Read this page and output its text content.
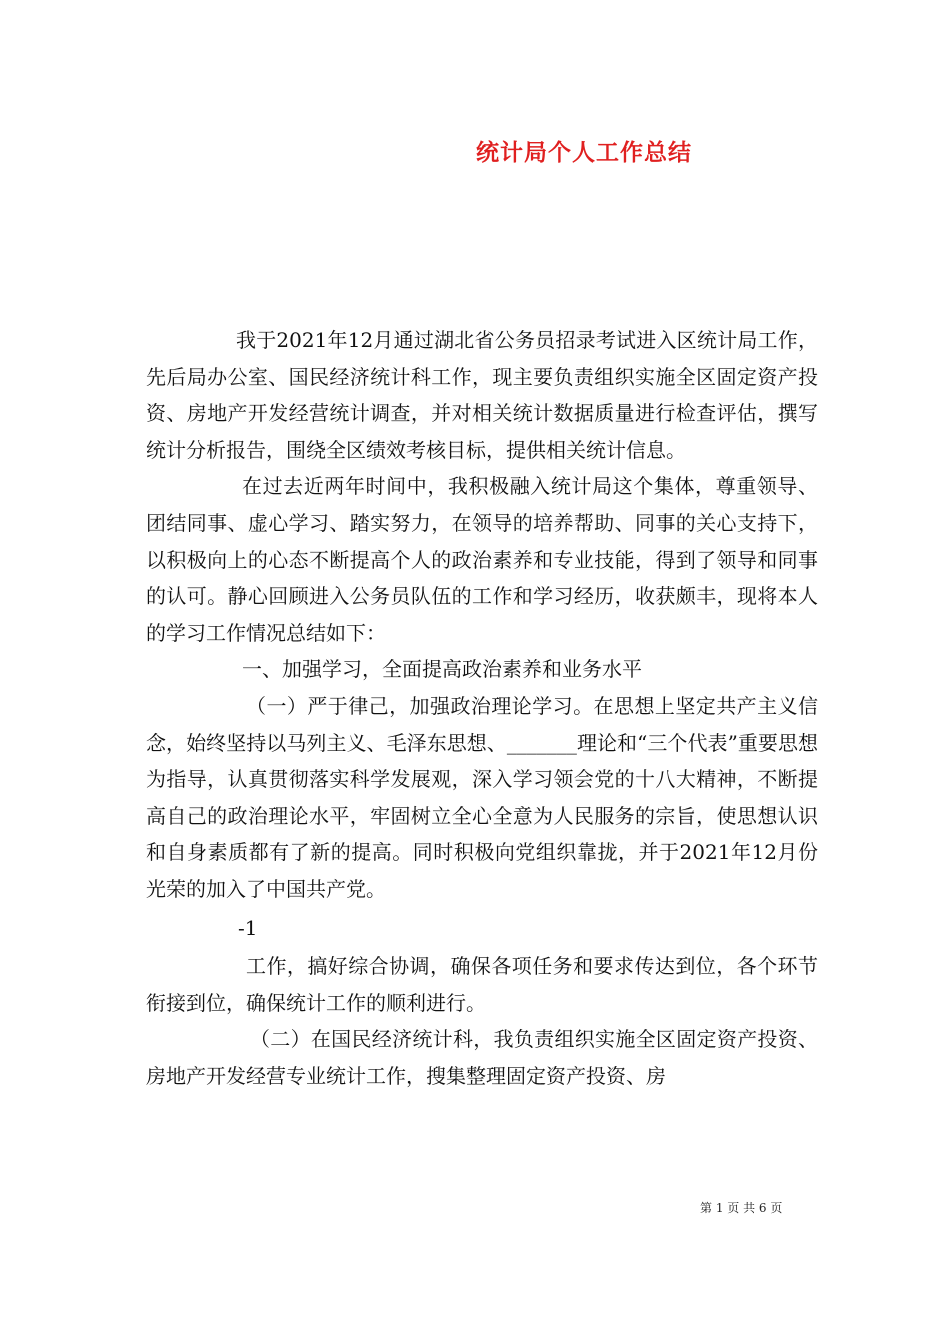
统计局个人工作总结

我于2021年12月通过湖北省公务员招录考试进入区统计局工作，先后局办公室、国民经济统计科工作，现主要负责组织实施全区固定资产投资、房地产开发经营统计调查，并对相关统计数据质量进行检查评估，撰写统计分析报告，围绕全区绩效考核目标，提供相关统计信息。

在过去近两年时间中，我积极融入统计局这个集体，尊重领导、团结同事、虚心学习、踏实努力，在领导的培养帮助、同事的关心支持下，以积极向上的心态不断提高个人的政治素养和专业技能，得到了领导和同事的认可。静心回顾进入公务员队伍的工作和学习经历，收获颇丰，现将本人的学习工作情况总结如下：

一、加强学习，全面提高政治素养和业务水平

（一）严于律己，加强政治理论学习。在思想上坚定共产主义信念，始终坚持以马列主义、毛泽东思想、_______理论和“三个代表”重要思想为指导，认真贯彻落实科学发展观，深入学习领会党的十八大精神，不断提高自己的政治理论水平，牢固树立全心全意为人民服务的宗旨，使思想认识和自身素质都有了新的提高。同时积极向党组织靠拢，并于2021年12月份光荣的加入了中国共产党。

-1

工作，搞好综合协调，确保各项任务和要求传达到位，各个环节衔接到位，确保统计工作的顺利进行。

（二）在国民经济统计科，我负责组织实施全区固定资产投资、房地产开发经营专业统计工作，搜集整理固定资产投资、房

第 1 页 共 6 页
